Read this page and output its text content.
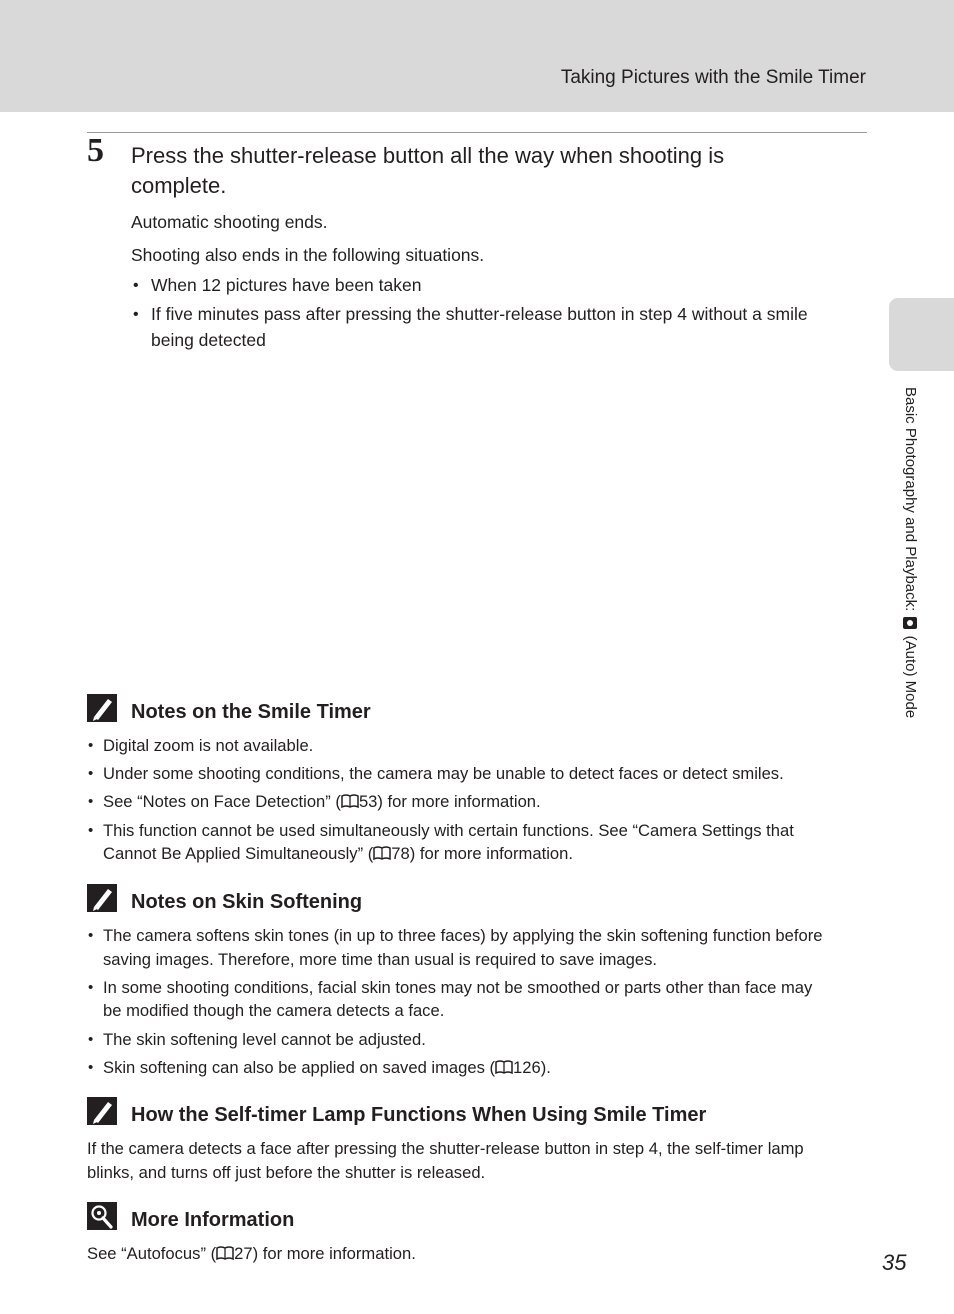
Taking Pictures with the Smile Timer
5 Press the shutter-release button all the way when shooting is
complete.
Automatic shooting ends.
Shooting also ends in the following situations.
• When 12 pictures have been taken
• If five minutes pass after pressing the shutter-release button in step 4 without a smile
being detected
Basic Photography and Playback:  (Auto) Mode
Notes on the Smile Timer
• Digital zoom is not available.
• Under some shooting conditions, the camera may be unable to detect faces or detect smiles.
• See “Notes on Face Detection” ( 53) for more information.
• This function cannot be used simultaneously with certain functions. See “Camera Settings that
Cannot Be Applied Simultaneously” ( 78) for more information.
Notes on Skin Softening
• The camera softens skin tones (in up to three faces) by applying the skin softening function before
saving images. Therefore, more time than usual is required to save images.
• In some shooting conditions, facial skin tones may not be smoothed or parts other than face may
be modified though the camera detects a face.
• The skin softening level cannot be adjusted.
• Skin softening can also be applied on saved images ( 126).
How the Self-timer Lamp Functions When Using Smile Timer
If the camera detects a face after pressing the shutter-release button in step 4, the self-timer lamp
blinks, and turns off just before the shutter is released.
More Information
See “Autofocus” ( 27) for more information.	35
